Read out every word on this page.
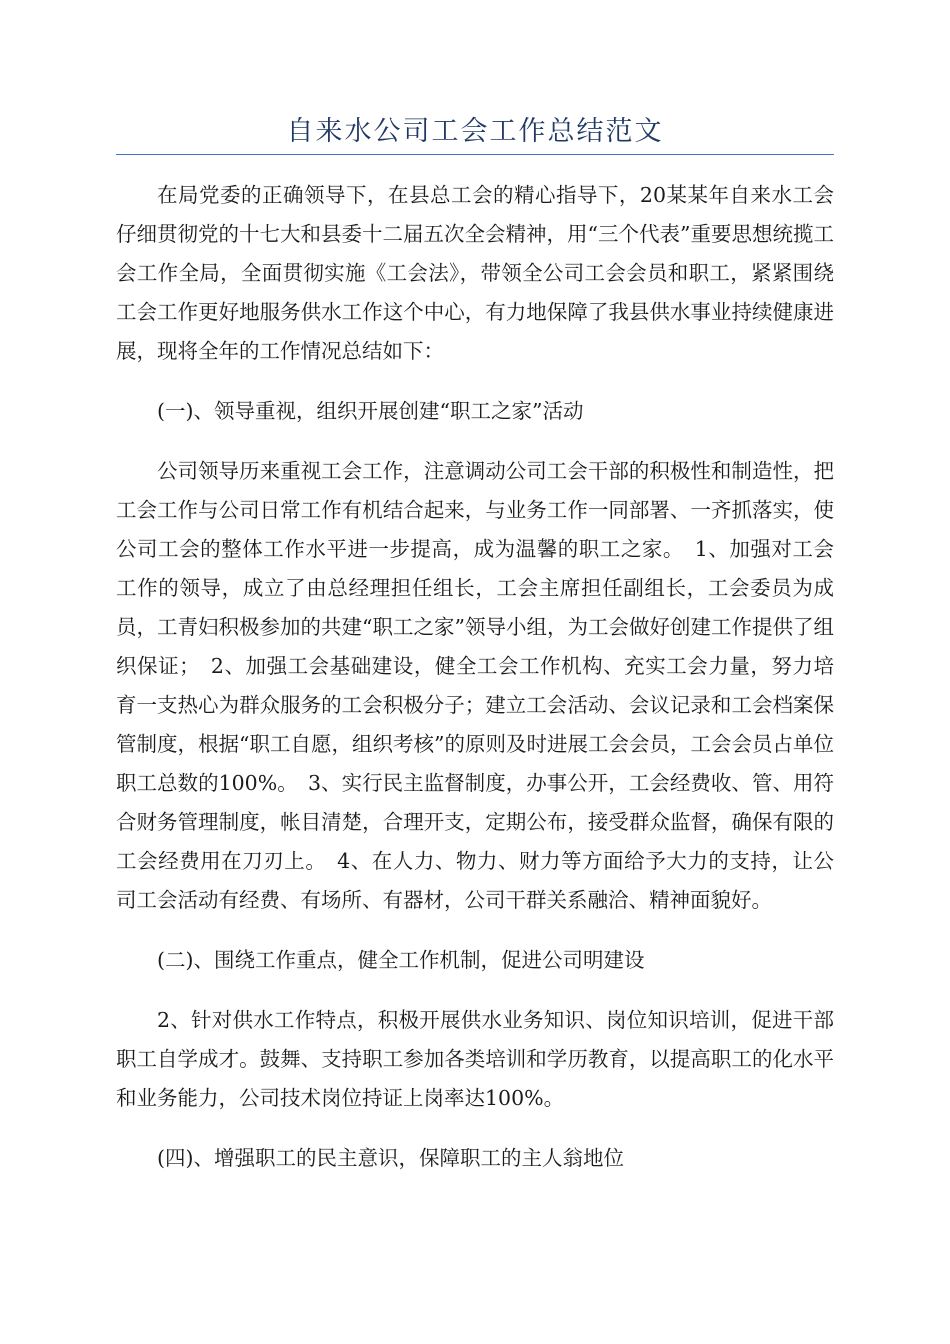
自来水公司工会工作总结范文

在局党委的正确领导下，在县总工会的精心指导下，20某某年自来水工会仔细贯彻党的十七大和县委十二届五次全会精神，用“三个代表”重要思想统揽工会工作全局，全面贯彻实施《工会法》，带领全公司工会会员和职工，紧紧围绕工会工作更好地服务供水工作这个中心，有力地保障了我县供水事业持续健康进展，现将全年的工作情况总结如下：

(一)、领导重视，组织开展创建“职工之家”活动

公司领导历来重视工会工作，注意调动公司工会干部的积极性和制造性，把工会工作与公司日常工作有机结合起来，与业务工作一同部署、一齐抓落实，使公司工会的整体工作水平进一步提高，成为温馨的职工之家。　1、加强对工会工作的领导，成立了由总经理担任组长，工会主席担任副组长，工会委员为成员，工青妇积极参加的共建“职工之家”领导小组，为工会做好创建工作提供了组织保证；　2、加强工会基础建设，健全工会工作机构、充实工会力量，努力培育一支热心为群众服务的工会积极分子；建立工会活动、会议记录和工会档案保管制度，根据“职工自愿，组织考核”的原则及时进展工会会员，工会会员占单位职工总数的100%。　3、实行民主监督制度，办事公开，工会经费收、管、用符合财务管理制度，帐目清楚，合理开支，定期公布，接受群众监督，确保有限的工会经费用在刀刃上。　4、在人力、物力、财力等方面给予大力的支持，让公司工会活动有经费、有场所、有器材，公司干群关系融洽、精神面貌好。

(二)、围绕工作重点，健全工作机制，促进公司明建设

2、针对供水工作特点，积极开展供水业务知识、岗位知识培训，促进干部职工自学成才。鼓舞、支持职工参加各类培训和学历教育，以提高职工的化水平和业务能力，公司技术岗位持证上岗率达100%。

(四)、增强职工的民主意识，保障职工的主人翁地位
